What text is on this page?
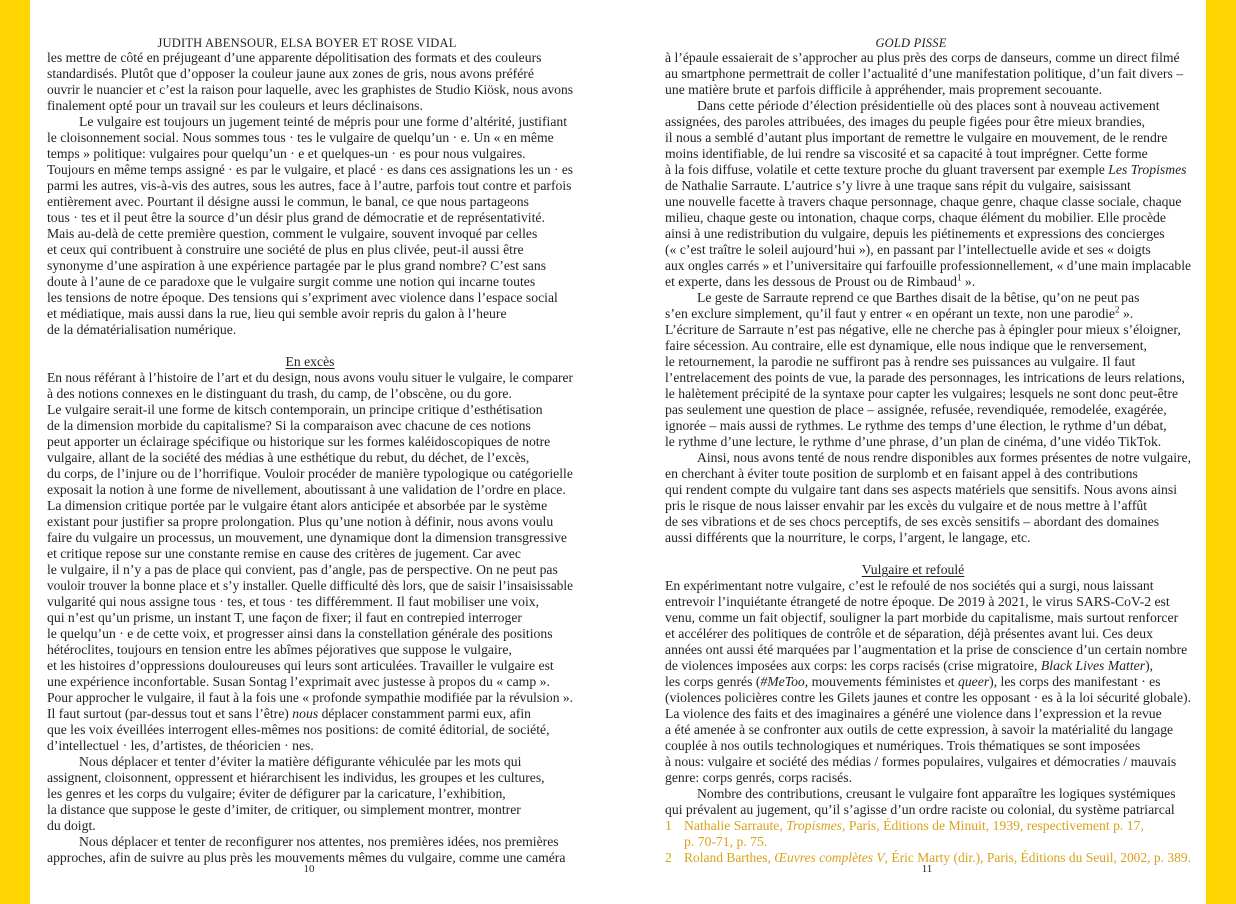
JUDITH ABENSOUR, ELSA BOYER ET ROSE VIDAL	GOLD PISSE
les mettre de côté en préjugeant d’une apparente dépolitisation des formats et des couleurs
standardisés. Plutôt que d’opposer la couleur jaune aux zones de gris, nous avons préféré
ouvrir le nuancier et c’est la raison pour laquelle, avec les graphistes de Studio Kiösk, nous avons
finalement opté pour un travail sur les couleurs et leurs déclinaisons.
Le vulgaire est toujours un jugement teinté de mépris pour une forme d’altérité, justifiant
le cloisonnement social. Nous sommes tous · tes le vulgaire de quelqu’un · e. Un « en même
temps » politique: vulgaires pour quelqu’un · e et quelques-un · es pour nous vulgaires.
Toujours en même temps assigné · es par le vulgaire, et placé · es dans ces assignations les un · es
parmi les autres, vis-à-vis des autres, sous les autres, face à l’autre, parfois tout contre et parfois
entièrement avec. Pourtant il désigne aussi le commun, le banal, ce que nous partageons
tous · tes et il peut être la source d’un désir plus grand de démocratie et de représentativité.
Mais au-delà de cette première question, comment le vulgaire, souvent invoqué par celles
et ceux qui contribuent à construire une société de plus en plus clivée, peut-il aussi être
synonyme d’une aspiration à une expérience partagée par le plus grand nombre? C’est sans
doute à l’aune de ce paradoxe que le vulgaire surgit comme une notion qui incarne toutes
les tensions de notre époque. Des tensions qui s’expriment avec violence dans l’espace social
et médiatique, mais aussi dans la rue, lieu qui semble avoir repris du galon à l’heure
de la dématérialisation numérique.
En excès
En nous référant à l’histoire de l’art et du design, nous avons voulu situer le vulgaire, le comparer
à des notions connexes en le distinguant du trash, du camp, de l’obscène, ou du gore.
Le vulgaire serait-il une forme de kitsch contemporain, un principe critique d’esthétisation
de la dimension morbide du capitalisme? Si la comparaison avec chacune de ces notions
peut apporter un éclairage spécifique ou historique sur les formes kaléidoscopiques de notre
vulgaire, allant de la société des médias à une esthétique du rebut, du déchet, de l’excès,
du corps, de l’injure ou de l’horrifique. Vouloir procéder de manière typologique ou catégorielle
exposait la notion à une forme de nivellement, aboutissant à une validation de l’ordre en place.
La dimension critique portée par le vulgaire étant alors anticipée et absorbée par le système
existant pour justifier sa propre prolongation. Plus qu’une notion à définir, nous avons voulu
faire du vulgaire un processus, un mouvement, une dynamique dont la dimension transgressive
et critique repose sur une constante remise en cause des critères de jugement. Car avec
le vulgaire, il n’y a pas de place qui convient, pas d’angle, pas de perspective. On ne peut pas
vouloir trouver la bonne place et s’y installer. Quelle difficulté dès lors, que de saisir l’insaisissable
vulgarité qui nous assigne tous · tes, et tous · tes différemment. Il faut mobiliser une voix,
qui n’est qu’un prisme, un instant T, une façon de fixer; il faut en contrepied interroger
le quelqu’un · e de cette voix, et progresser ainsi dans la constellation générale des positions
hétéroclites, toujours en tension entre les abîmes péjoratives que suppose le vulgaire,
et les histoires d’oppressions douloureuses qui leurs sont articulées. Travailler le vulgaire est
une expérience inconfortable. Susan Sontag l’exprimait avec justesse à propos du « camp ».
Pour approcher le vulgaire, il faut à la fois une « profonde sympathie modifiée par la révulsion ».
Il faut surtout (par-dessus tout et sans l’être) nous déplacer constamment parmi eux, afin
que les voix éveillées interrogent elles-mêmes nos positions: de comité éditorial, de société,
d’intellectuel · les, d’artistes, de théoricien · nes.
Nous déplacer et tenter d’éviter la matière défigurante véhiculée par les mots qui
assignent, cloisonnent, oppressent et hiérarchisent les individus, les groupes et les cultures,
les genres et les corps du vulgaire; éviter de défigurer par la caricature, l’exhibition,
la distance que suppose le geste d’imiter, de critiquer, ou simplement montrer, montrer
du doigt.
Nous déplacer et tenter de reconfigurer nos attentes, nos premières idées, nos premières
approches, afin de suivre au plus près les mouvements mêmes du vulgaire, comme une caméra
à l’épaule essaierait de s’approcher au plus près des corps de danseurs, comme un direct filmé
au smartphone permettrait de coller l’actualité d’une manifestation politique, d’un fait divers –
une matière brute et parfois difficile à appréhender, mais proprement secouante.
Dans cette période d’élection présidentielle où des places sont à nouveau activement
assignées, des paroles attribuées, des images du peuple figées pour être mieux brandies,
il nous a semblé d’autant plus important de remettre le vulgaire en mouvement, de le rendre
moins identifiable, de lui rendre sa viscosité et sa capacité à tout imprégner. Cette forme
à la fois diffuse, volatile et cette texture proche du gluant traversent par exemple Les Tropismes
de Nathalie Sarraute. L’autrice s’y livre à une traque sans répit du vulgaire, saisissant
une nouvelle facette à travers chaque personnage, chaque genre, chaque classe sociale, chaque
milieu, chaque geste ou intonation, chaque corps, chaque élément du mobilier. Elle procède
ainsi à une redistribution du vulgaire, depuis les piétinements et expressions des concierges
(« c’est traître le soleil aujourd’hui »), en passant par l’intellectuelle avide et ses « doigts
aux ongles carrés » et l’universitaire qui farfouille professionnellement, « d’une main implacable
et experte, dans les dessous de Proust ou de Rimbaud$^1$ ».
Le geste de Sarraute reprend ce que Barthes disait de la bêtise, qu’on ne peut pas
s’en exclure simplement, qu’il faut y entrer « en opérant un texte, non une parodie$^2$ ».
L’écriture de Sarraute n’est pas négative, elle ne cherche pas à épingler pour mieux s’éloigner,
faire sécession. Au contraire, elle est dynamique, elle nous indique que le renversement,
le retournement, la parodie ne suffiront pas à rendre ses puissances au vulgaire. Il faut
l’entrelacement des points de vue, la parade des personnages, les intrications de leurs relations,
le halètement précipité de la syntaxe pour capter les vulgaires; lesquels ne sont donc peut-être
pas seulement une question de place – assignée, refusée, revendiquée, remodelée, exagérée,
ignorée – mais aussi de rythmes. Le rythme des temps d’une élection, le rythme d’un débat,
le rythme d’une lecture, le rythme d’une phrase, d’un plan de cinéma, d’une vidéo TikTok.
Ainsi, nous avons tenté de nous rendre disponibles aux formes présentes de notre vulgaire,
en cherchant à éviter toute position de surplomb et en faisant appel à des contributions
qui rendent compte du vulgaire tant dans ses aspects matériels que sensitifs. Nous avons ainsi
pris le risque de nous laisser envahir par les excès du vulgaire et de nous mettre à l’affût
de ses vibrations et de ses chocs perceptifs, de ses excès sensitifs – abordant des domaines
aussi différents que la nourriture, le corps, l’argent, le langage, etc.
Vulgaire et refoulé
En expérimentant notre vulgaire, c’est le refoulé de nos sociétés qui a surgi, nous laissant
entrevoir l’inquiétante étrangeté de notre époque. De 2019 à 2021, le virus SARS-CoV-2 est
venu, comme un fait objectif, souligner la part morbide du capitalisme, mais surtout renforcer
et accélérer des politiques de contrôle et de séparation, déjà présentes avant lui. Ces deux
années ont aussi été marquées par l’augmentation et la prise de conscience d’un certain nombre
de violences imposées aux corps: les corps racisés (crise migratoire, Black Lives Matter),
les corps genrés (#MeToo, mouvements féministes et queer), les corps des manifestant · es
(violences policières contre les Gilets jaunes et contre les opposant · es à la loi sécurité globale).
La violence des faits et des imaginaires a généré une violence dans l’expression et la revue
a été amenée à se confronter aux outils de cette expression, à savoir la matérialité du langage
couplée à nos outils technologiques et numériques. Trois thématiques se sont imposées
à nous: vulgaire et société des médias / formes populaires, vulgaires et démocraties / mauvais
genre: corps genrés, corps racisés.
Nombre des contributions, creusant le vulgaire font apparaître les logiques systémiques
qui prévalent au jugement, qu’il s’agisse d’un ordre raciste ou colonial, du système patriarcal
1 Nathalie Sarraute, Tropismes, Paris, Éditions de Minuit, 1939, respectivement p. 17,
p. 70-71, p. 75.
2 Roland Barthes, Œuvres complètes V, Éric Marty (dir.), Paris, Éditions du Seuil, 2002, p. 389.
10	11
